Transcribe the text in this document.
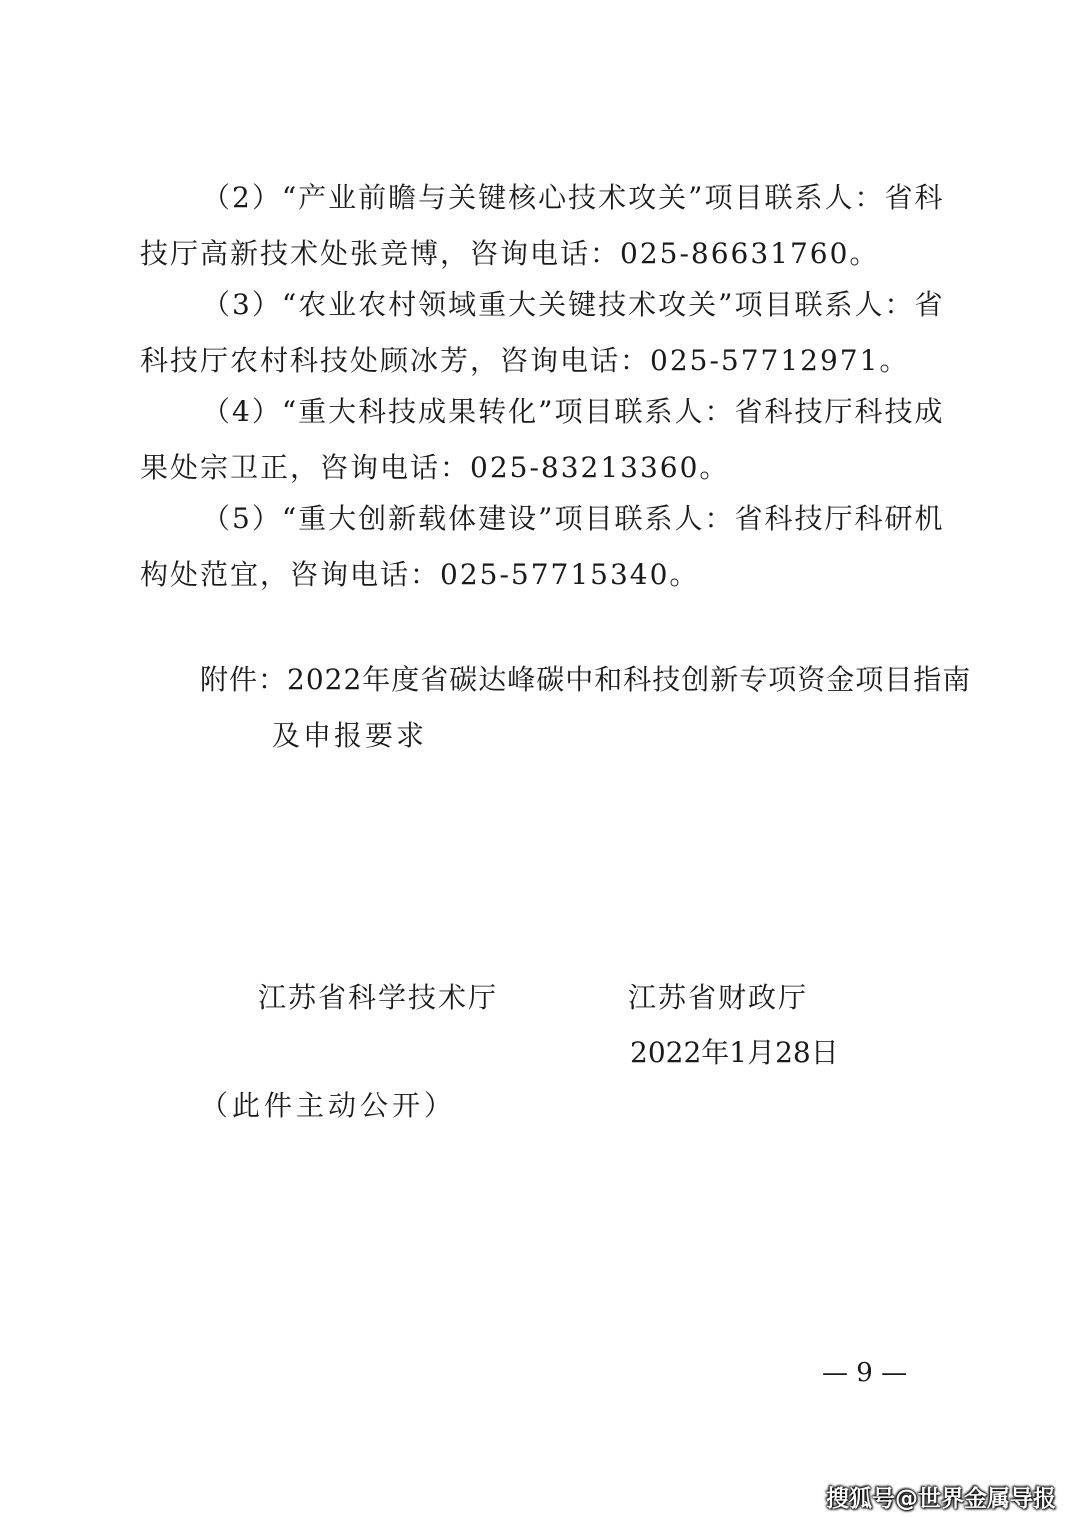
（2）“产业前瞻与关键核心技术攻关”项目联系人：省科
技厅高新技术处张竞博，咨询电话：025-86631760。

（3）“农业农村领域重大关键技术攻关”项目联系人：省
科技厅农村科技处顾冰芳，咨询电话：025-57712971。

（4）“重大科技成果转化”项目联系人：省科技厅科技成
果处宗卫正，咨询电话：025-83213360。

（5）“重大创新载体建设”项目联系人：省科技厅科研机
构处范宜，咨询电话：025-57715340。

附件：2022年度省碳达峰碳中和科技创新专项资金项目指南
及申报要求

江苏省科学技术厅	江苏省财政厅
2022年1月28日
（此件主动公开）
— 9 —
搜狐号@世界金属导报
